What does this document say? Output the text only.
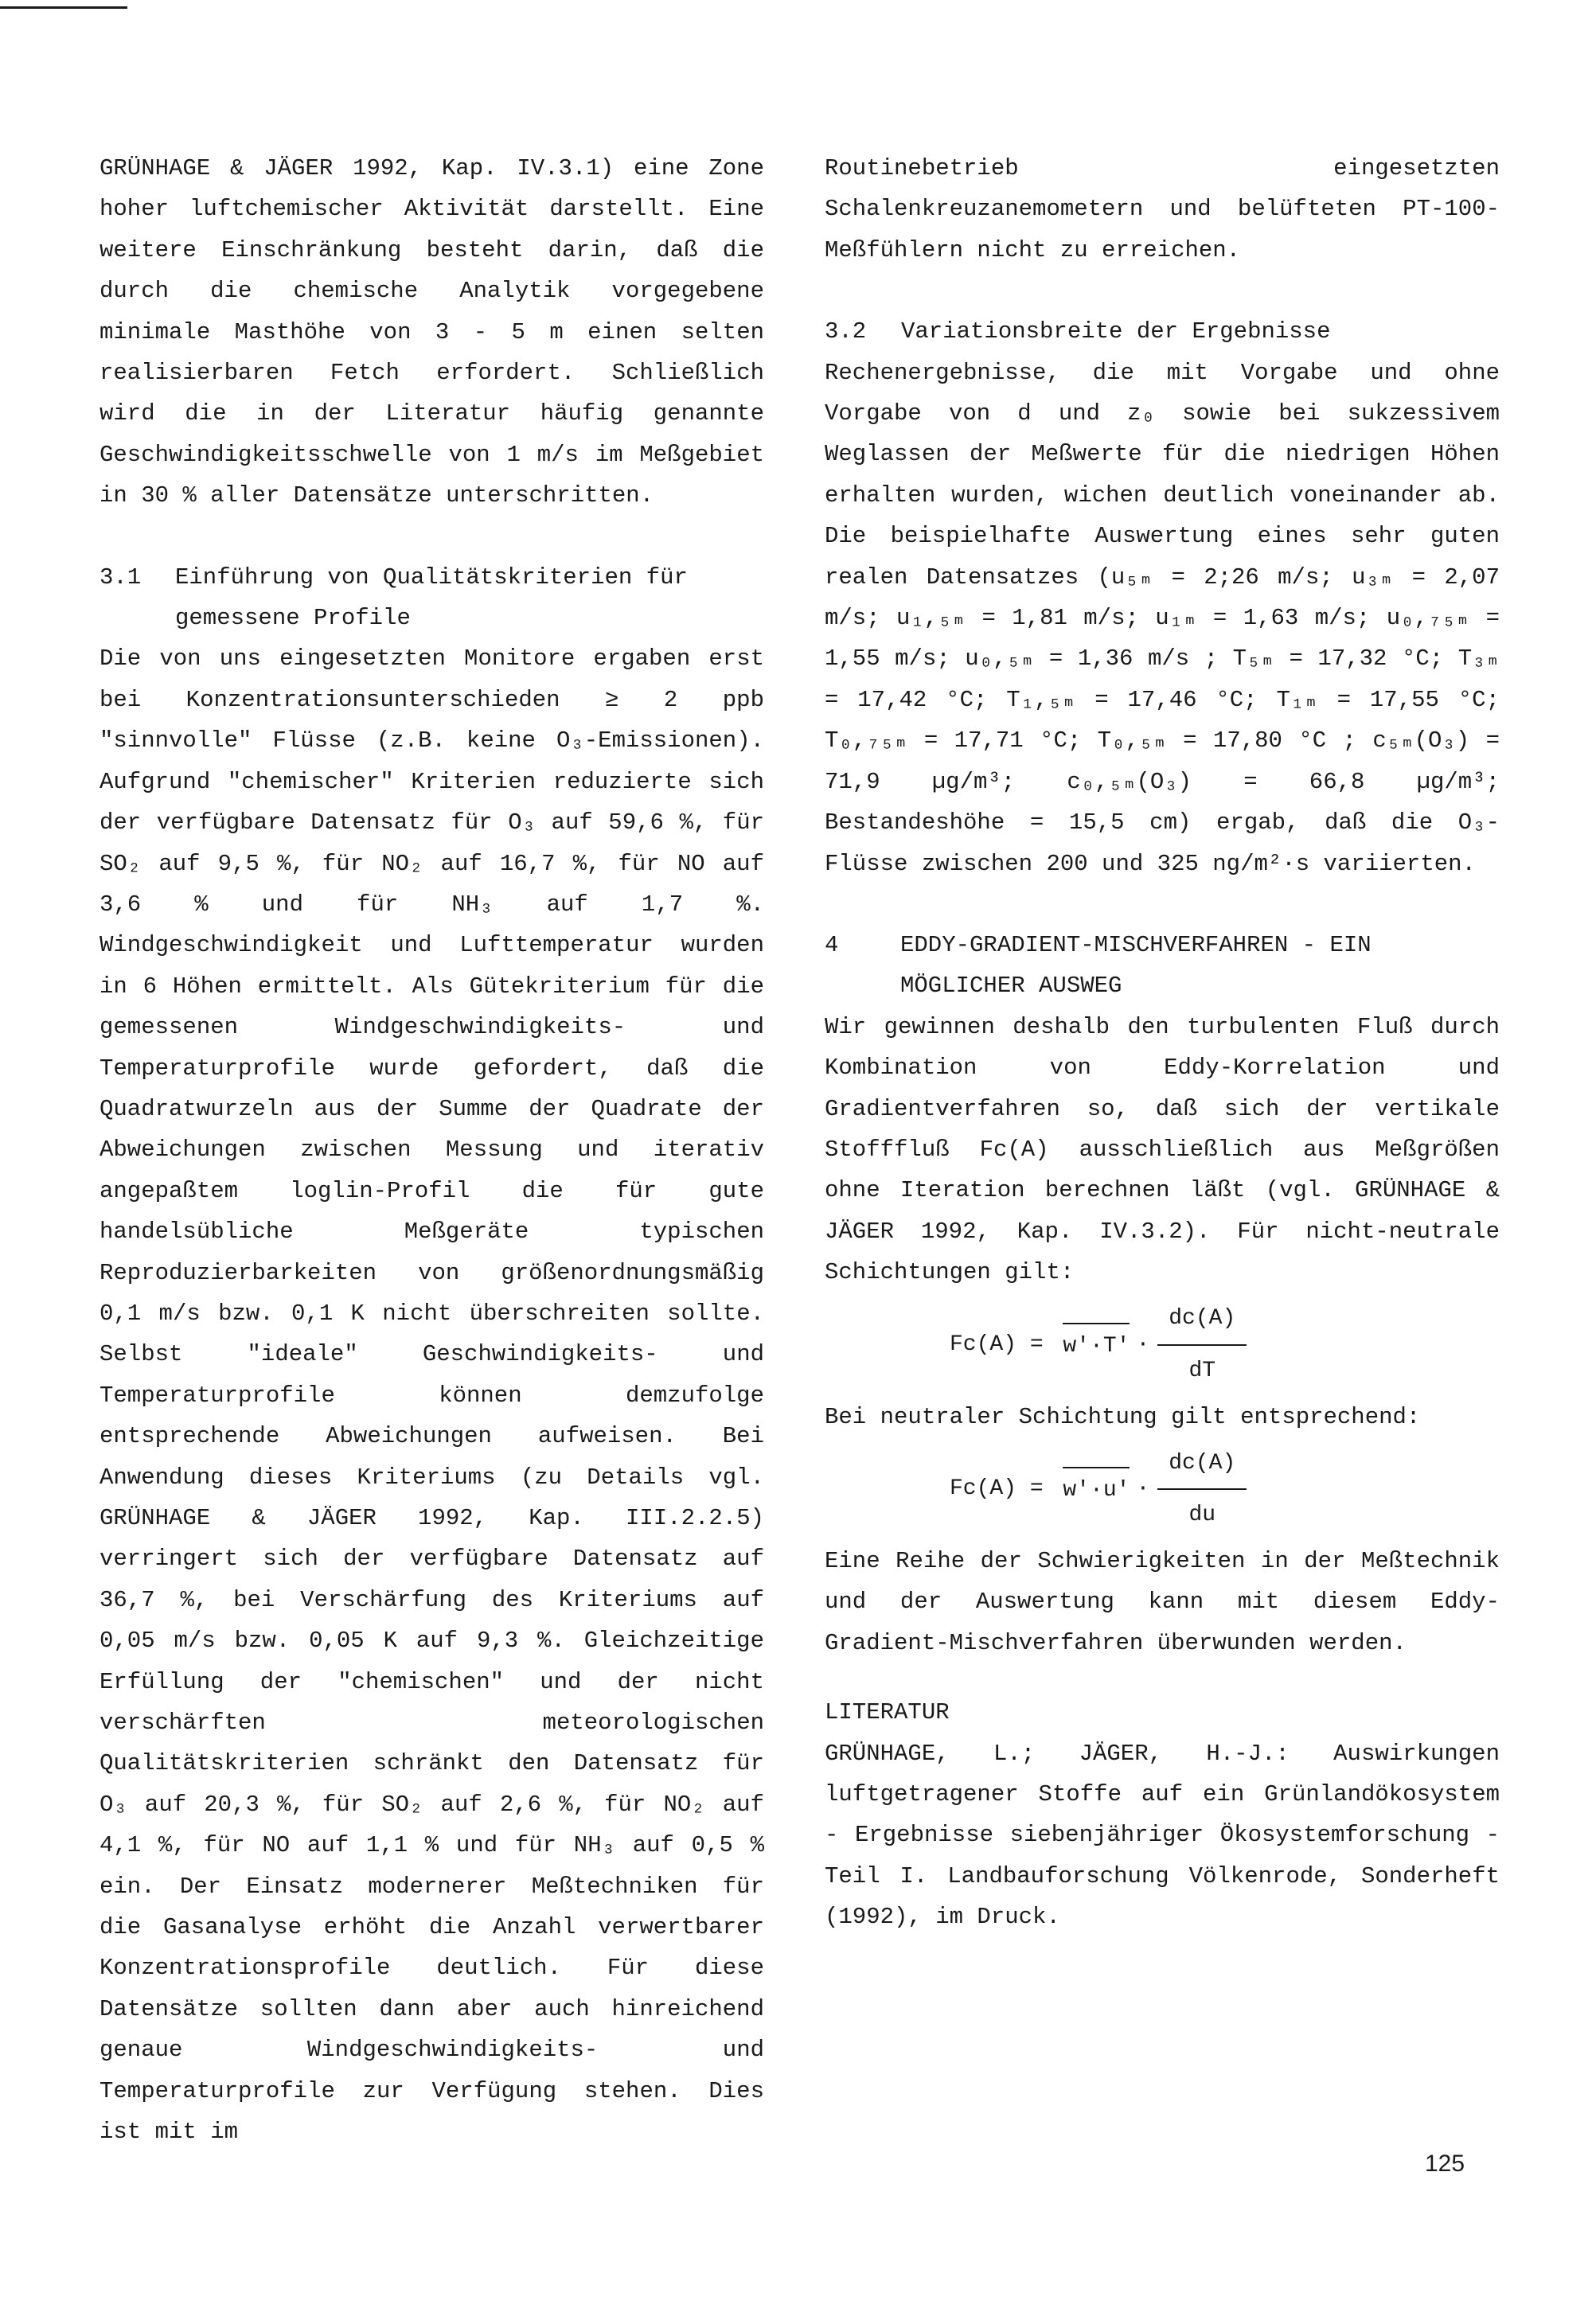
GRÜNHAGE & JÄGER 1992, Kap. IV.3.1) eine Zone hoher luftchemischer Aktivität darstellt. Eine weitere Einschränkung besteht darin, daß die durch die chemische Analytik vorgegebene minimale Masthöhe von 3 - 5 m einen selten realisierbaren Fetch erfordert. Schließlich wird die in der Literatur häufig genannte Geschwindigkeitsschwelle von 1 m/s im Meßgebiet in 30 % aller Datensätze unterschritten.

3.1	Einführung von Qualitätskriterien für gemessene Profile

Die von uns eingesetzten Monitore ergaben erst bei Konzentrationsunterschieden ≥ 2 ppb "sinnvolle" Flüsse (z.B. keine O₃-Emissionen). Aufgrund "chemischer" Kriterien reduzierte sich der verfügbare Datensatz für O₃ auf 59,6 %, für SO₂ auf 9,5 %, für NO₂ auf 16,7 %, für NO auf 3,6 % und für NH₃ auf 1,7 %. Windgeschwindigkeit und Lufttemperatur wurden in 6 Höhen ermittelt. Als Gütekriterium für die gemessenen Windgeschwindigkeits- und Temperaturprofile wurde gefordert, daß die Quadratwurzeln aus der Summe der Quadrate der Abweichungen zwischen Messung und iterativ angepaßtem loglin-Profil die für gute handelsübliche Meßgeräte typischen Reproduzierbarkeiten von größenordnungsmäßig 0,1 m/s bzw. 0,1 K nicht überschreiten sollte. Selbst "ideale" Geschwindigkeits- und Temperaturprofile können demzufolge entsprechende Abweichungen aufweisen. Bei Anwendung dieses Kriteriums (zu Details vgl. GRÜNHAGE & JÄGER 1992, Kap. III.2.2.5) verringert sich der verfügbare Datensatz auf 36,7 %, bei Verschärfung des Kriteriums auf 0,05 m/s bzw. 0,05 K auf 9,3 %. Gleichzeitige Erfüllung der "chemischen" und der nicht verschärften meteorologischen Qualitätskriterien schränkt den Datensatz für O₃ auf 20,3 %, für SO₂ auf 2,6 %, für NO₂ auf 4,1 %, für NO auf 1,1 % und für NH₃ auf 0,5 % ein. Der Einsatz modernerer Meßtechniken für die Gasanalyse erhöht die Anzahl verwertbarer Konzentrationsprofile deutlich. Für diese Datensätze sollten dann aber auch hinreichend genaue Windgeschwindigkeits- und Temperaturprofile zur Verfügung stehen. Dies ist mit im

Routinebetrieb eingesetzten Schalenkreuzanemometern und belüfteten PT-100-Meßfühlern nicht zu erreichen.

3.2	Variationsbreite der Ergebnisse

Rechenergebnisse, die mit Vorgabe und ohne Vorgabe von d und z₀ sowie bei sukzessivem Weglassen der Meßwerte für die niedrigen Höhen erhalten wurden, wichen deutlich voneinander ab. Die beispielhafte Auswertung eines sehr guten realen Datensatzes (u₅ₘ = 2;26 m/s; u₃ₘ = 2,07 m/s; u₁,₅ₘ = 1,81 m/s; u₁ₘ = 1,63 m/s; u₀,₇₅ₘ = 1,55 m/s; u₀,₅ₘ = 1,36 m/s ; T₅ₘ = 17,32 °C; T₃ₘ = 17,42 °C; T₁,₅ₘ = 17,46 °C; T₁ₘ = 17,55 °C; T₀,₇₅ₘ = 17,71 °C; T₀,₅ₘ = 17,80 °C ; c₅ₘ(O₃) = 71,9 µg/m³; c₀,₅ₘ(O₃) = 66,8 µg/m³; Bestandeshöhe = 15,5 cm) ergab, daß die O₃-Flüsse zwischen 200 und 325 ng/m²·s variierten.

4	EDDY-GRADIENT-MISCHVERFAHREN - EIN MÖGLICHER AUSWEG

Wir gewinnen deshalb den turbulenten Fluß durch Kombination von Eddy-Korrelation und Gradientverfahren so, daß sich der vertikale Stofffluß Fc(A) ausschließlich aus Meßgrößen ohne Iteration berechnen läßt (vgl. GRÜNHAGE & JÄGER 1992, Kap. IV.3.2). Für nicht-neutrale Schichtungen gilt:

$Fc(A) = w'\cdot T' \cdot \frac{dc(A)}{dT}$

Bei neutraler Schichtung gilt entsprechend:

$Fc(A) = w'\cdot u' \cdot \frac{dc(A)}{du}$

Eine Reihe der Schwierigkeiten in der Meßtechnik und der Auswertung kann mit diesem Eddy-Gradient-Mischverfahren überwunden werden.

LITERATUR

GRÜNHAGE, L.; JÄGER, H.-J.: Auswirkungen luftgetragener Stoffe auf ein Grünlandökosystem - Ergebnisse siebenjähriger Ökosystemforschung - Teil I. Landbauforschung Völkenrode, Sonderheft (1992), im Druck.

125
